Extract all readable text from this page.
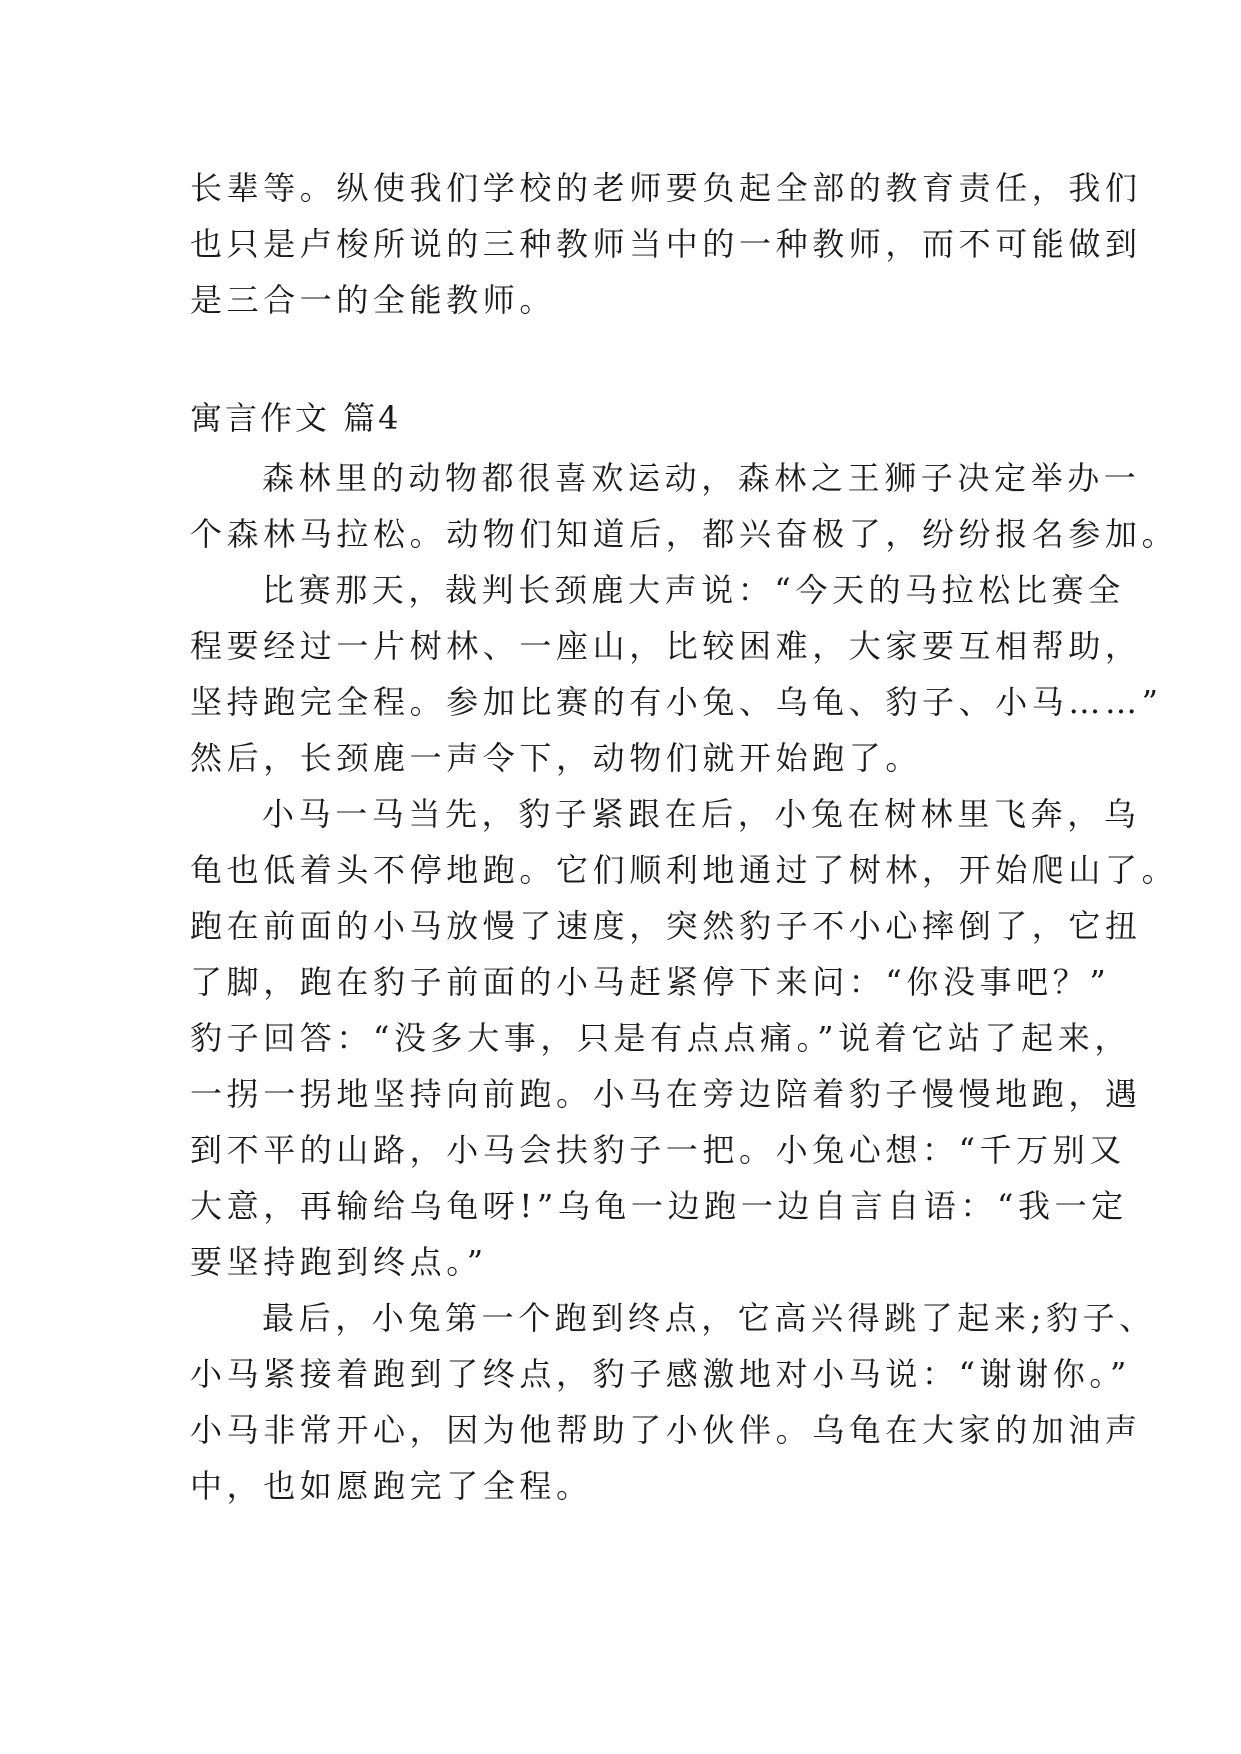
长辈等。纵使我们学校的老师要负起全部的教育责任，我们
也只是卢梭所说的三种教师当中的一种教师，而不可能做到
是三合一的全能教师。
寓言作文 篇4
森林里的动物都很喜欢运动，森林之王狮子决定举办一
个森林马拉松。动物们知道后，都兴奋极了，纷纷报名参加。
比赛那天，裁判长颈鹿大声说：“今天的马拉松比赛全
程要经过一片树林、一座山，比较困难，大家要互相帮助，
坚持跑完全程。参加比赛的有小兔、乌龟、豹子、小马……”
然后，长颈鹿一声令下，动物们就开始跑了。
小马一马当先，豹子紧跟在后，小兔在树林里飞奔，乌
龟也低着头不停地跑。它们顺利地通过了树林，开始爬山了。
跑在前面的小马放慢了速度，突然豹子不小心摔倒了，它扭
了脚，跑在豹子前面的小马赶紧停下来问：“你没事吧？”
豹子回答：“没多大事，只是有点点痛。”说着它站了起来，
一拐一拐地坚持向前跑。小马在旁边陪着豹子慢慢地跑，遇
到不平的山路，小马会扶豹子一把。小兔心想：“千万别又
大意，再输给乌龟呀!”乌龟一边跑一边自言自语：“我一定
要坚持跑到终点。”
最后，小兔第一个跑到终点，它高兴得跳了起来;豹子、
小马紧接着跑到了终点，豹子感激地对小马说：“谢谢你。”
小马非常开心，因为他帮助了小伙伴。乌龟在大家的加油声
中，也如愿跑完了全程。
